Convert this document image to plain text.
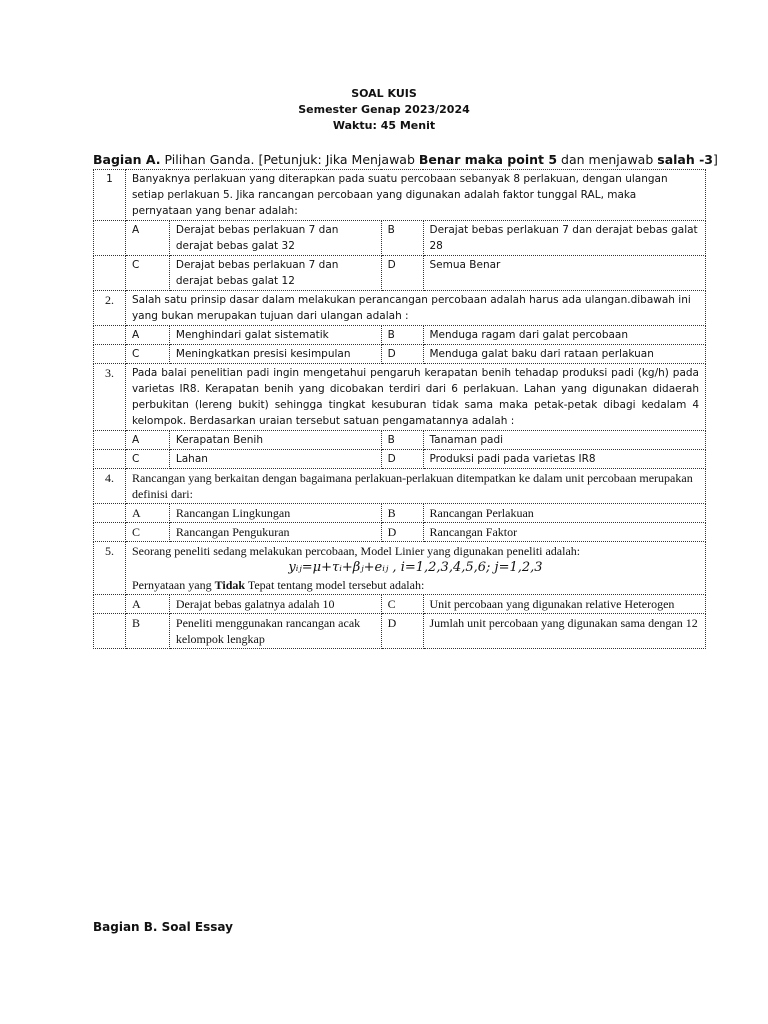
SOAL KUIS
Semester Genap 2023/2024
Waktu: 45 Menit
Bagian A. Pilihan Ganda. [Petunjuk: Jika Menjawab Benar maka point 5 dan menjawab salah -3]
1	Banyaknya perlakuan yang diterapkan pada suatu percobaan sebanyak 8 perlakuan, dengan ulangan setiap perlakuan 5. Jika rancangan percobaan yang digunakan adalah faktor tunggal RAL, maka pernyataan yang benar adalah:			
	A	Derajat bebas perlakuan 7 dan derajat bebas galat 32	B	Derajat bebas perlakuan 7 dan derajat bebas galat 28
	C	Derajat bebas perlakuan 7 dan derajat bebas galat 12	D	Semua Benar
2.	Salah satu prinsip dasar dalam melakukan perancangan percobaan adalah harus ada ulangan.dibawah ini yang bukan merupakan tujuan dari ulangan adalah :			
	A	Menghindari galat sistematik	B	Menduga ragam dari galat percobaan
	C	Meningkatkan presisi kesimpulan	D	Menduga galat baku dari rataan perlakuan
3.	Pada balai penelitian padi ingin mengetahui pengaruh kerapatan benih tehadap produksi padi (kg/h) pada varietas IR8. Kerapatan benih yang dicobakan terdiri dari 6 perlakuan. Lahan yang digunakan didaerah perbukitan (lereng bukit) sehingga tingkat kesuburan tidak sama maka petak-petak dibagi kedalam 4 kelompok. Berdasarkan uraian tersebut satuan pengamatannya adalah :			
	A	Kerapatan Benih	B	Tanaman padi
	C	Lahan	D	Produksi padi pada varietas IR8
4.	Rancangan yang berkaitan dengan bagaimana perlakuan-perlakuan ditempatkan ke dalam unit percobaan merupakan definisi dari:			
	A	Rancangan Lingkungan	B	Rancangan Perlakuan
	C	Rancangan Pengukuran	D	Rancangan Faktor
5.	Seorang peneliti sedang melakukan percobaan, Model Linier yang digunakan peneliti adalah:
yᵢⱼ=μ+τᵢ+βⱼ+eᵢⱼ , i=1,2,3,4,5,6; j=1,2,3
Pernyataan yang Tidak Tepat tentang model tersebut adalah:			

	A	Derajat bebas galatnya adalah 10	C	Unit percobaan yang digunakan relative Heterogen
	B	Peneliti menggunakan rancangan acak kelompok lengkap	D	Jumlah unit percobaan yang digunakan sama dengan 12
Bagian B. Soal Essay
